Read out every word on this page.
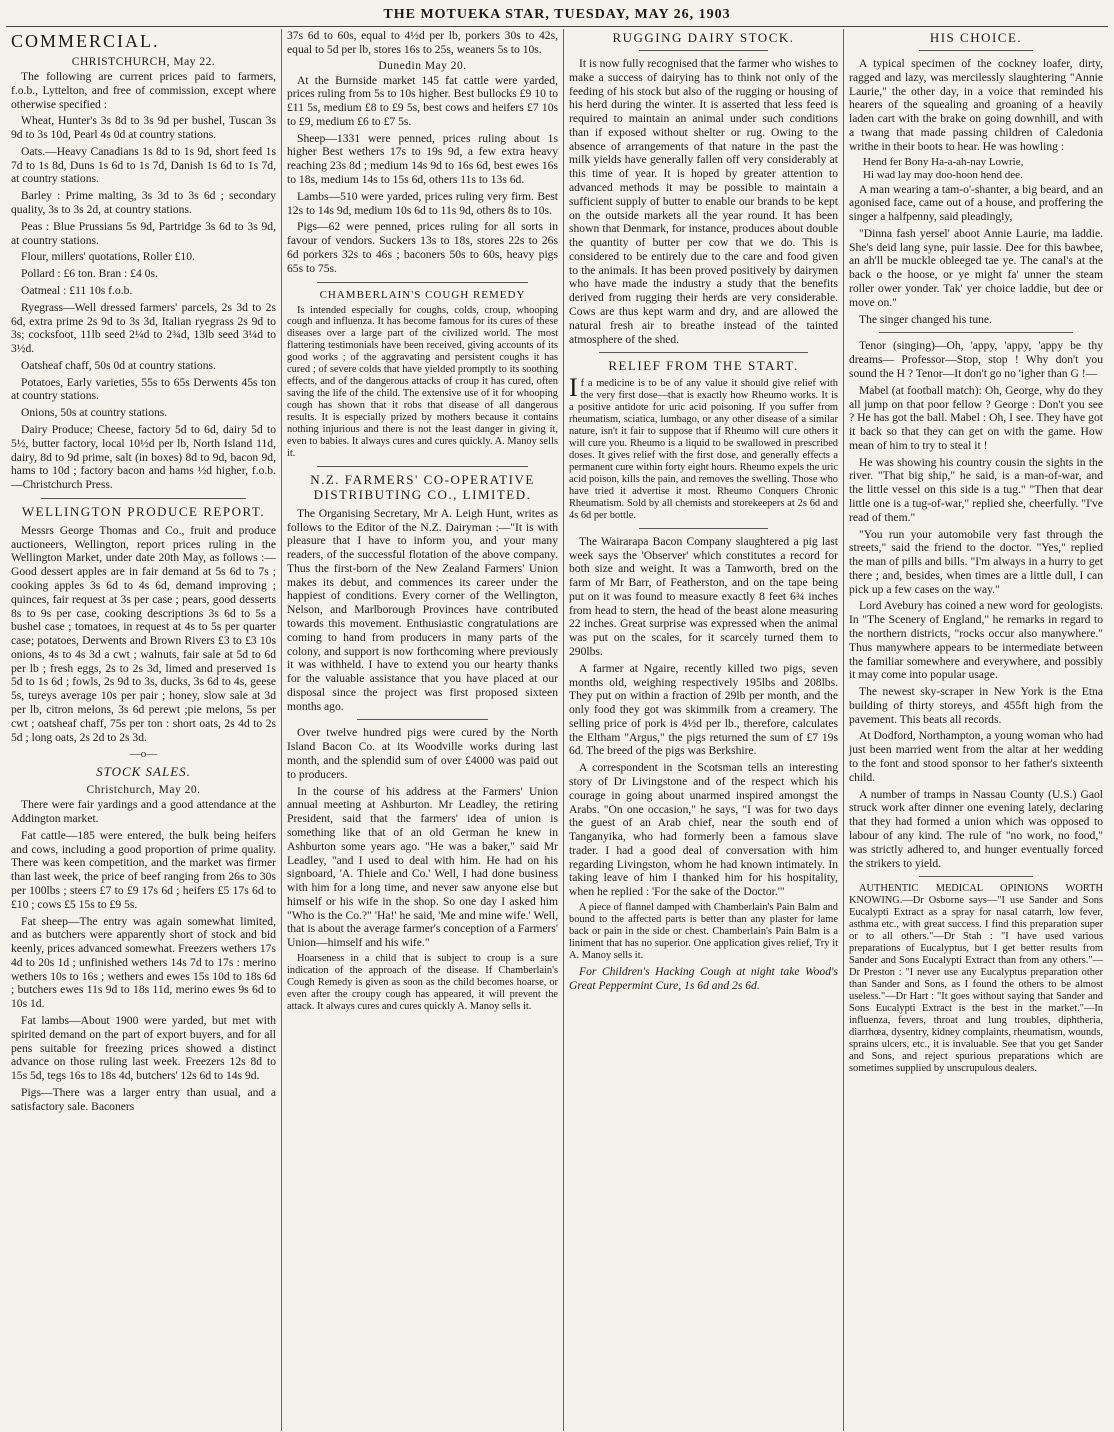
THE MOTUEKA STAR, TUESDAY, MAY 26, 1903
COMMERCIAL.
CHRISTCHURCH, May 22.

The following are current prices paid to farmers, f.o.b., Lyttelton, and free of commission, except where otherwise specified :

Wheat, Hunter's 3s 8d to 3s 9d per bushel, Tuscan 3s 9d to 3s 10d, Pearl 4s 0d at country stations.

Oats.—Heavy Canadians 1s 8d to 1s 9d, short feed 1s 7d to 1s 8d, Duns 1s 6d to 1s 7d, Danish 1s 6d to 1s 7d, at country stations.

Barley : Prime malting, 3s 3d to 3s 6d ; secondary quality, 3s to 3s 2d, at country stations.

Peas : Blue Prussians 5s 9d, Partridge 3s 6d to 3s 9d, at country stations.

Flour, millers' quotations, Roller £10.

Pollard : £6 ton. Bran : £4 0s.

Oatmeal : £11 10s f.o.b.

Ryegrass—Well dressed farmers' parcels, 2s 3d to 2s 6d, extra prime 2s 9d to 3s 3d, Italian ryegrass 2s 9d to 3s; cocksfoot, 11lb seed 2¼d to 2¾d, 13lb seed 3¼d to 3½d.

Oatsheaf chaff, 50s 0d at country stations.

Potatoes, Early varieties, 55s to 65s Derwents 45s ton at country stations.

Onions, 50s at country stations.

Dairy Produce; Cheese, factory 5d to 6d, dairy 5d to 5½, butter factory, local 10½d per lb, North Island 11d, dairy, 8d to 9d prime, salt (in boxes) 8d to 9d, bacon 9d, hams to 10d ; factory bacon and hams ½d higher, f.o.b.—Christchurch Press.

WELLINGTON PRODUCE REPORT.

Messrs George Thomas and Co., fruit and produce auctioneers, Wellington, report prices ruling in the Wellington Market, under date 20th May, as follows :—Good dessert apples are in fair demand at 5s 6d to 7s ; cooking apples 3s 6d to 4s 6d, demand improving ; quinces, fair request at 3s per case ; pears, good desserts 8s to 9s per case, cooking descriptions 3s 6d to 5s a bushel case ; tomatoes, in request at 4s to 5s per quarter case; potatoes, Derwents and Brown Rivers £3 to £3 10s onions, 4s to 4s 3d a cwt ; walnuts, fair sale at 5d to 6d per lb ; fresh eggs, 2s to 2s 3d, limed and preserved 1s 5d to 1s 6d ; fowls, 2s 9d to 3s, ducks, 3s 6d to 4s, geese 5s, tureys average 10s per pair ; honey, slow sale at 3d per lb, citron melons, 3s 6d perewt ;pie melons, 5s per cwt ; oatsheaf chaff, 75s per ton : short oats, 2s 4d to 2s 5d ; long oats, 2s 2d to 2s 3d.

—o—
STOCK SALES.
Christchurch, May 20.

There were fair yardings and a good attendance at the Addington market.

Fat cattle—185 were entered, the bulk being heifers and cows, including a good proportion of prime quality. There was keen competition, and the market was firmer than last week, the price of beef ranging from 26s to 30s per 100lbs ; steers £7 to £9 17s 6d ; heifers £5 17s 6d to £10 ; cows £5 15s to £9 5s.

Fat sheep—The entry was again somewhat limited, and as butchers were apparently short of stock and bid keenly, prices advanced somewhat. Freezers wethers 17s 4d to 20s 1d ; unfinished wethers 14s 7d to 17s : merino wethers 10s to 16s ; wethers and ewes 15s 10d to 18s 6d ; butchers ewes 11s 9d to 18s 11d, merino ewes 9s 6d to 10s 1d.

Fat lambs—About 1900 were yarded, but met with spirited demand on the part of export buyers, and for all pens suitable for freezing prices showed a distinct advance on those ruling last week. Freezers 12s 8d to 15s 5d, tegs 16s to 18s 4d, butchers' 12s 6d to 14s 9d.

Pigs—There was a larger entry than usual, and a satisfactory sale. Baconers

37s 6d to 60s, equal to 4½d per lb, porkers 30s to 42s, equal to 5d per lb, stores 16s to 25s, weaners 5s to 10s.

Dunedin May 20.

At the Burnside market 145 fat cattle were yarded, prices ruling from 5s to 10s higher. Best bullocks £9 10 to £11 5s, medium £8 to £9 5s, best cows and heifers £7 10s to £9, medium £6 to £7 5s.

Sheep—1331 were penned, prices ruling about 1s higher Best wethers 17s to 19s 9d, a few extra heavy reaching 23s 8d ; medium 14s 9d to 16s 6d, best ewes 16s to 18s, medium 14s to 15s 6d, others 11s to 13s 6d.

Lambs—510 were yarded, prices ruling very firm. Best 12s to 14s 9d, medium 10s 6d to 11s 9d, others 8s to 10s.

Pigs—62 were penned, prices ruling for all sorts in favour of vendors. Suckers 13s to 18s, stores 22s to 26s 6d porkers 32s to 46s ; baconers 50s to 60s, heavy pigs 65s to 75s.

CHAMBERLAIN'S COUGH REMEDY

Is intended especially for coughs, colds, croup, whooping cough and influenza. It has become famous for its cures of these diseases over a large part of the civilized world. The most flattering testimonials have been received, giving accounts of its good works ; of the aggravating and persistent coughs it has cured ; of severe colds that have yielded promptly to its soothing effects, and of the dangerous attacks of croup it has cured, often saving the life of the child. The extensive use of it for whooping cough has shown that it robs that disease of all dangerous results. It is especially prized by mothers because it contains nothing injurious and there is not the least danger in giving it, even to babies. It always cures and cures quickly. A. Manoy sells it.

N.Z. FARMERS' CO-OPERATIVE DISTRIBUTING CO., LIMITED.

The Organising Secretary, Mr A. Leigh Hunt, writes as follows to the Editor of the N.Z. Dairyman :—"It is with pleasure that I have to inform you, and your many readers, of the successful flotation of the above company. Thus the first-born of the New Zealand Farmers' Union makes its debut, and commences its career under the happiest of conditions. Every corner of the Wellington, Nelson, and Marlborough Provinces have contributed towards this movement. Enthusiastic congratulations are coming to hand from producers in many parts of the colony, and support is now forthcoming where previously it was withheld. I have to extend you our hearty thanks for the valuable assistance that you have placed at our disposal since the project was first proposed sixteen months ago.

Over twelve hundred pigs were cured by the North Island Bacon Co. at its Woodville works during last month, and the splendid sum of over £4000 was paid out to producers.

In the course of his address at the Farmers' Union annual meeting at Ashburton. Mr Leadley, the retiring President, said that the farmers' idea of union is something like that of an old German he knew in Ashburton some years ago. "He was a baker," said Mr Leadley, "and I used to deal with him. He had on his signboard, 'A. Thiele and Co.' Well, I had done business with him for a long time, and never saw anyone else but himself or his wife in the shop. So one day I asked him "Who is the Co.?" 'Ha!' he said, 'Me and mine wife.' Well, that is about the average farmer's conception of a Farmers' Union—himself and his wife."

Hoarseness in a child that is subject to croup is a sure indication of the approach of the disease. If Chamberlain's Cough Remedy is given as soon as the child becomes hoarse, or even after the croupy cough has appeared, it will prevent the attack. It always cures and cures quickly A. Manoy sells it.

RUGGING DAIRY STOCK.

It is now fully recognised that the farmer who wishes to make a success of dairying has to think not only of the feeding of his stock but also of the rugging or housing of his herd during the winter. It is asserted that less feed is required to maintain an animal under such conditions than if exposed without shelter or rug. Owing to the absence of arrangements of that nature in the past the milk yields have generally fallen off very considerably at this time of year. It is hoped by greater attention to advanced methods it may be possible to maintain a sufficient supply of butter to enable our brands to be kept on the outside markets all the year round. It has been shown that Denmark, for instance, produces about double the quantity of butter per cow that we do. This is considered to be entirely due to the care and food given to the animals. It has been proved positively by dairymen who have made the industry a study that the benefits derived from rugging their herds are very considerable. Cows are thus kept warm and dry, and are allowed the natural fresh air to breathe instead of the tainted atmosphere of the shed.

RELIEF FROM THE START.

If a medicine is to be of any value it should give relief with the very first dose—that is exactly how Rheumo works. It is a positive antidote for uric acid poisoning. If you suffer from rheumatism, sciatica, lumbago, or any other disease of a similar nature, isn't it fair to suppose that if Rheumo will cure others it will cure you. Rheumo is a liquid to be swallowed in prescribed doses. It gives relief with the first dose, and generally effects a permanent cure within forty eight hours. Rheumo expels the uric acid poison, kills the pain, and removes the swelling. Those who have tried it advertise it most. Rheumo Conquers Chronic Rheumatism. Sold by all chemists and storekeepers at 2s 6d and 4s 6d per bottle.

The Wairarapa Bacon Company slaughtered a pig last week says the 'Observer' which constitutes a record for both size and weight. It was a Tamworth, bred on the farm of Mr Barr, of Featherston, and on the tape being put on it was found to measure exactly 8 feet 6¾ inches from head to stern, the head of the beast alone measuring 22 inches. Great surprise was expressed when the animal was put on the scales, for it scarcely turned them to 290lbs.

A farmer at Ngaire, recently killed two pigs, seven months old, weighing respectively 195lbs and 208lbs. They put on within a fraction of 29lb per month, and the only food they got was skimmilk from a creamery. The selling price of pork is 4½d per lb., therefore, calculates the Eltham "Argus," the pigs returned the sum of £7 19s 6d. The breed of the pigs was Berkshire.

A correspondent in the Scotsman tells an interesting story of Dr Livingstone and of the respect which his courage in going about unarmed inspired amongst the Arabs. "On one occasion," he says, "I was for two days the guest of an Arab chief, near the south end of Tanganyika, who had formerly been a famous slave trader. I had a good deal of conversation with him regarding Livingston, whom he had known intimately. In taking leave of him I thanked him for his hospitality, when he replied : 'For the sake of the Doctor.'"

A piece of flannel damped with Chamberlain's Pain Balm and bound to the affected parts is better than any plaster for lame back or pain in the side or chest. Chamberlain's Pain Balm is a liniment that has no superior. One application gives relief, Try it A. Manoy sells it.

For Children's Hacking Cough at night take Wood's Great Peppermint Cure, 1s 6d and 2s 6d.

HIS CHOICE.

A typical specimen of the cockney loafer, dirty, ragged and lazy, was mercilessly slaughtering "Annie Laurie," the other day, in a voice that reminded his hearers of the squealing and groaning of a heavily laden cart with the brake on going downhill, and with a twang that made passing children of Caledonia writhe in their boots to hear. He was howling :

Hend fer Bony Ha-a-ah-nay Lowrie,

Hi wad lay may doo-hoon hend dee.

A man wearing a tam-o'-shanter, a big beard, and an agonised face, came out of a house, and proffering the singer a halfpenny, said pleadingly,

"Dinna fash yersel' aboot Annie Laurie, ma laddie. She's deid lang syne, puir lassie. Dee for this bawbee, an ah'll be muckle obleeged tae ye. The canal's at the back o the hoose, or ye might fa' unner the steam roller ower yonder. Tak' yer choice laddie, but dee or move on."

The singer changed his tune.

Tenor (singing)—Oh, 'appy, 'appy, 'appy be thy dreams— Professor—Stop, stop ! Why don't you sound the H ? Tenor—It don't go no 'igher than G !—

Mabel (at football match): Oh, George, why do they all jump on that poor fellow ? George : Don't you see ? He has got the ball. Mabel : Oh, I see. They have got it back so that they can get on with the game. How mean of him to try to steal it !

He was showing his country cousin the sights in the river. "That big ship," he said, is a man-of-war, and the little vessel on this side is a tug." "Then that dear little one is a tug-of-war," replied she, cheerfully. "I've read of them."

"You run your automobile very fast through the streets," said the friend to the doctor. "Yes," replied the man of pills and bills. "I'm always in a hurry to get there ; and, besides, when times are a little dull, I can pick up a few cases on the way."

Lord Avebury has coined a new word for geologists. In "The Scenery of England," he remarks in regard to the northern districts, "rocks occur also manywhere." Thus manywhere appears to be intermediate between the familiar somewhere and everywhere, and possibly it may come into popular usage.

The newest sky-scraper in New York is the Etna building of thirty storeys, and 455ft high from the pavement. This beats all records.

At Dodford, Northampton, a young woman who had just been married went from the altar at her wedding to the font and stood sponsor to her father's sixteenth child.

A number of tramps in Nassau County (U.S.) Gaol struck work after dinner one evening lately, declaring that they had formed a union which was opposed to labour of any kind. The rule of "no work, no food," was strictly adhered to, and hunger eventually forced the strikers to yield.

AUTHENTIC MEDICAL OPINIONS WORTH KNOWING.—Dr Osborne says—"I use Sander and Sons Eucalypti Extract as a spray for nasal catarrh, low fever, asthma etc., with great success. I find this preparation super or to all others."—Dr Stah : "I have used various preparations of Eucalyptus, but I get better results from Sander and Sons Eucalypti Extract than from any others."—Dr Preston : "I never use any Eucalyptus preparation other than Sander and Sons, as I found the others to be almost useless."—Dr Hart : "It goes without saying that Sander and Sons Eucalypti Extract is the best in the market."—In influenza, fevers, throat and lung troubles, diphtheria, diarrhœa, dysentry, kidney complaints, rheumatism, wounds, sprains ulcers, etc., it is invaluable. See that you get Sander and Sons, and reject spurious preparations which are sometimes supplied by unscrupulous dealers.
